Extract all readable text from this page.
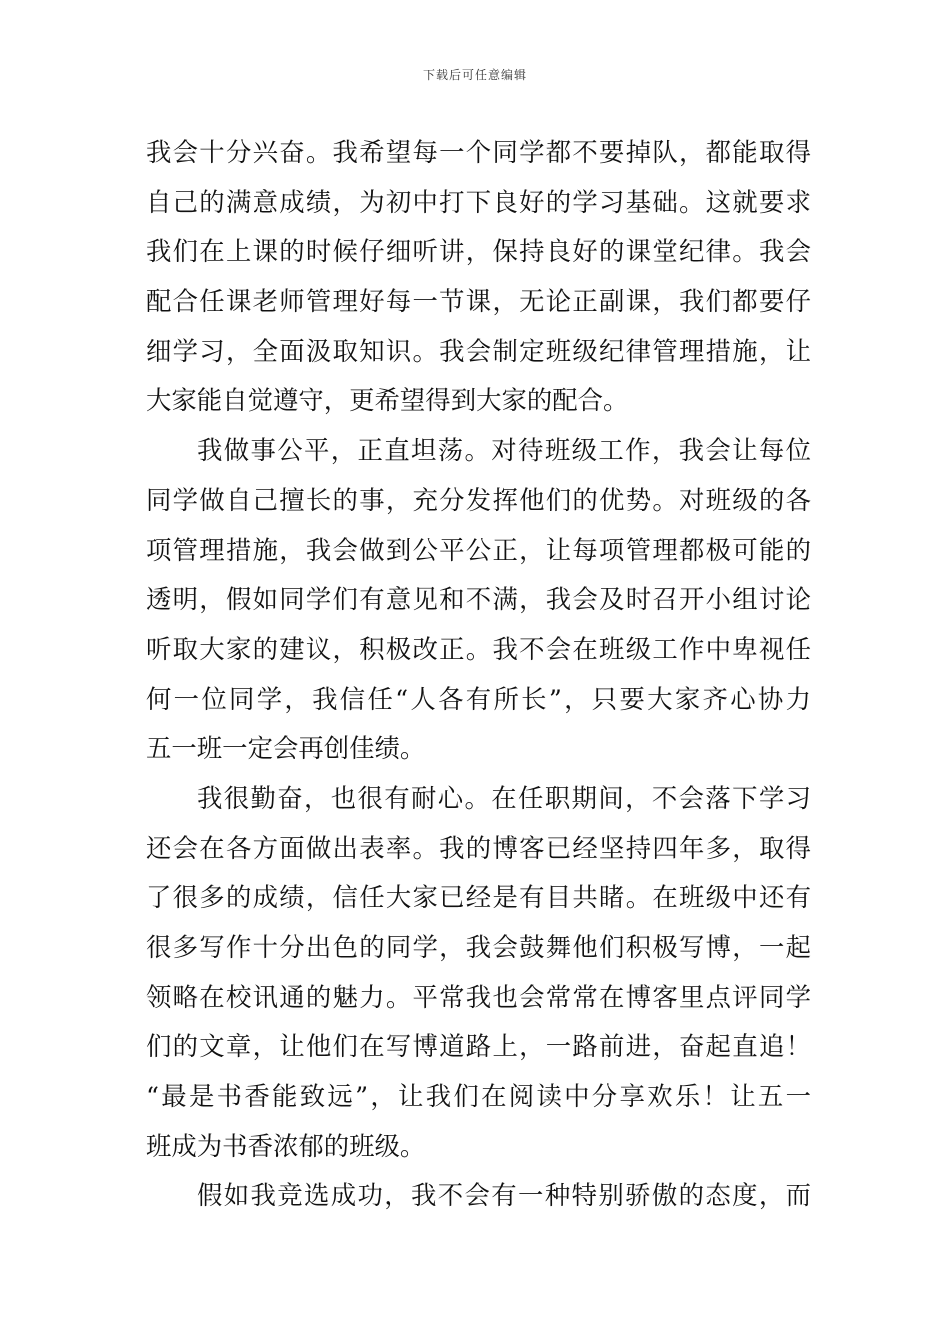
下载后可任意编辑
我会十分兴奋。我希望每一个同学都不要掉队，都能取得
自己的满意成绩，为初中打下良好的学习基础。这就要求
我们在上课的时候仔细听讲，保持良好的课堂纪律。我会
配合任课老师管理好每一节课，无论正副课，我们都要仔
细学习，全面汲取知识。我会制定班级纪律管理措施，让
大家能自觉遵守，更希望得到大家的配合。
我做事公平，正直坦荡。对待班级工作，我会让每位
同学做自己擅长的事，充分发挥他们的优势。对班级的各
项管理措施，我会做到公平公正，让每项管理都极可能的
透明，假如同学们有意见和不满，我会及时召开小组讨论
听取大家的建议，积极改正。我不会在班级工作中卑视任
何一位同学，我信任“人各有所长”，只要大家齐心协力
五一班一定会再创佳绩。
我很勤奋，也很有耐心。在任职期间，不会落下学习
还会在各方面做出表率。我的博客已经坚持四年多，取得
了很多的成绩，信任大家已经是有目共睹。在班级中还有
很多写作十分出色的同学，我会鼓舞他们积极写博，一起
领略在校讯通的魅力。平常我也会常常在博客里点评同学
们的文章，让他们在写博道路上，一路前进，奋起直追！
“最是书香能致远”，让我们在阅读中分享欢乐！让五一
班成为书香浓郁的班级。
假如我竞选成功，我不会有一种特别骄傲的态度，而
